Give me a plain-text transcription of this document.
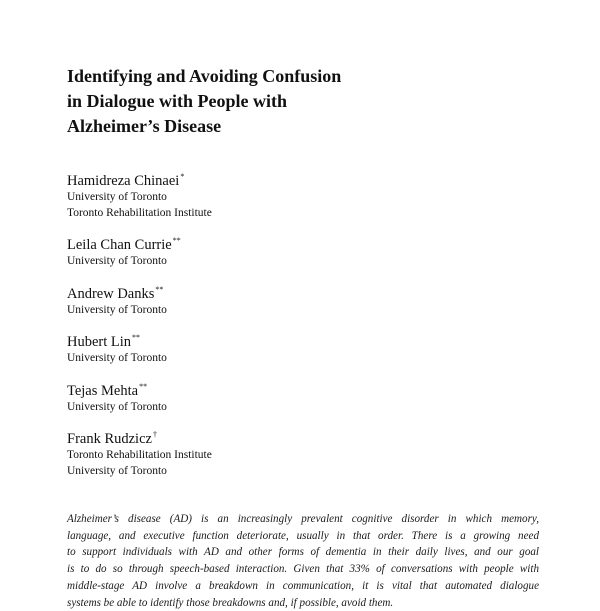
Identifying and Avoiding Confusion
in Dialogue with People with
Alzheimer’s Disease
Hamidreza Chinaei*
University of Toronto
Toronto Rehabilitation Institute
Leila Chan Currie**
University of Toronto
Andrew Danks**
University of Toronto
Hubert Lin**
University of Toronto
Tejas Mehta**
University of Toronto
Frank Rudzicz†
Toronto Rehabilitation Institute
University of Toronto
Alzheimer’s disease (AD) is an increasingly prevalent cognitive disorder in which memory,
language, and executive function deteriorate, usually in that order. There is a growing need
to support individuals with AD and other forms of dementia in their daily lives, and our goal
is to do so through speech-based interaction. Given that 33% of conversations with people with
middle-stage AD involve a breakdown in communication, it is vital that automated dialogue
systems be able to identify those breakdowns and, if possible, avoid them.
